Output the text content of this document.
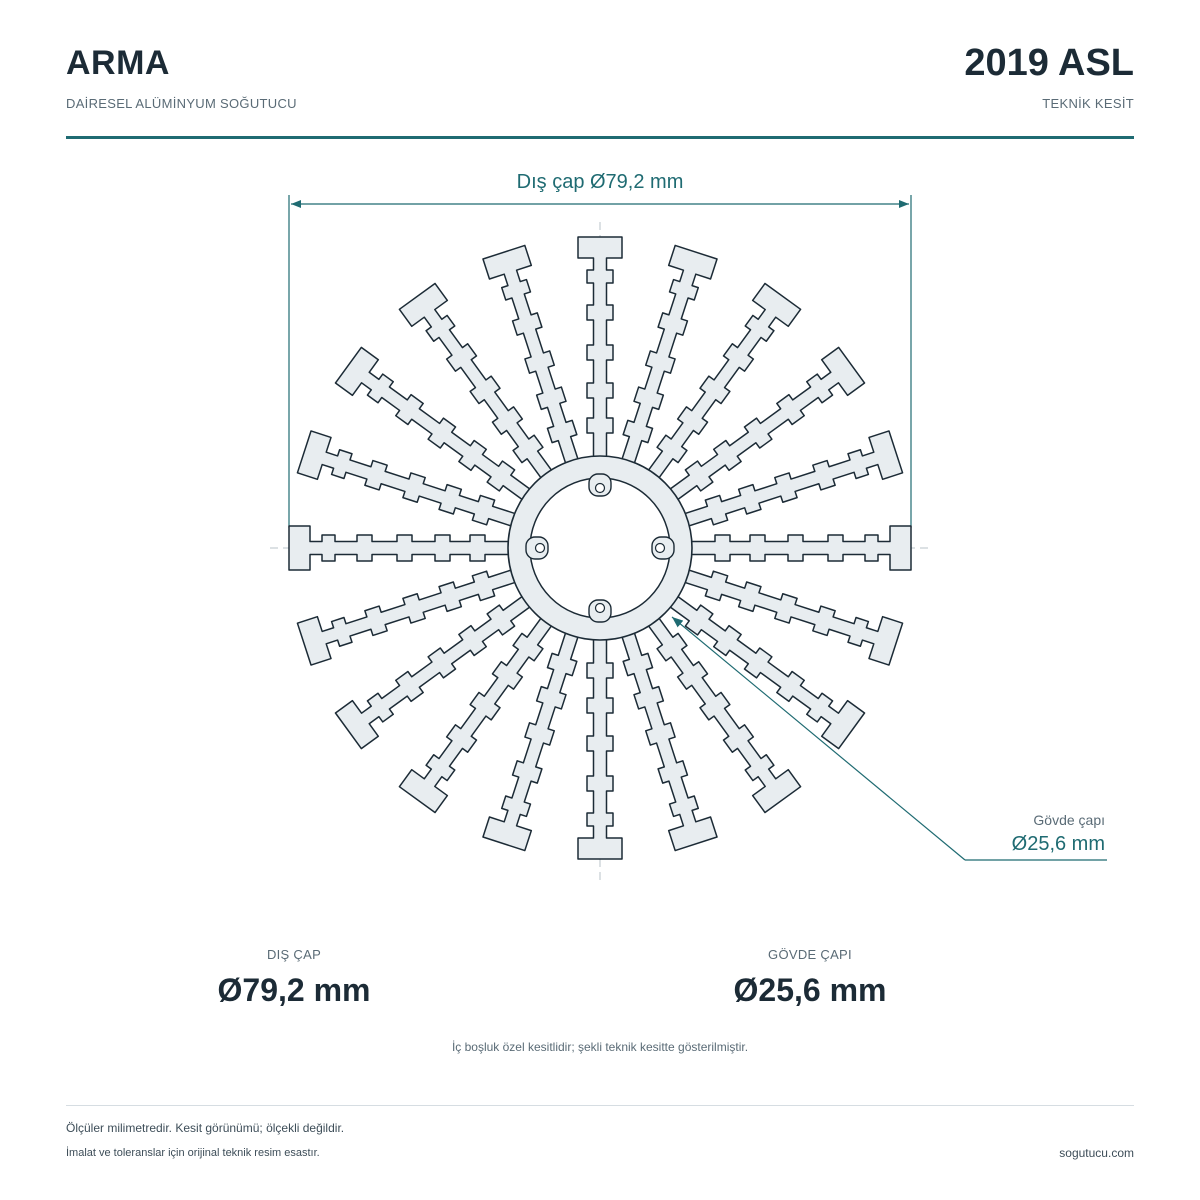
ARMA
DAİRESEL ALÜMİNYUM SOĞUTUCU
2019 ASL
TEKNİK KESİT
Dış çap Ø79,2 mm
Gövde çapı
Ø25,6 mm
DIŞ ÇAP
Ø79,2 mm
GÖVDE ÇAPI
Ø25,6 mm
İç boşluk özel kesitlidir; şekli teknik kesitte gösterilmiştir.
Ölçüler milimetredir. Kesit görünümü; ölçekli değildir.
İmalat ve toleranslar için orijinal teknik resim esastır.	sogutucu.com
